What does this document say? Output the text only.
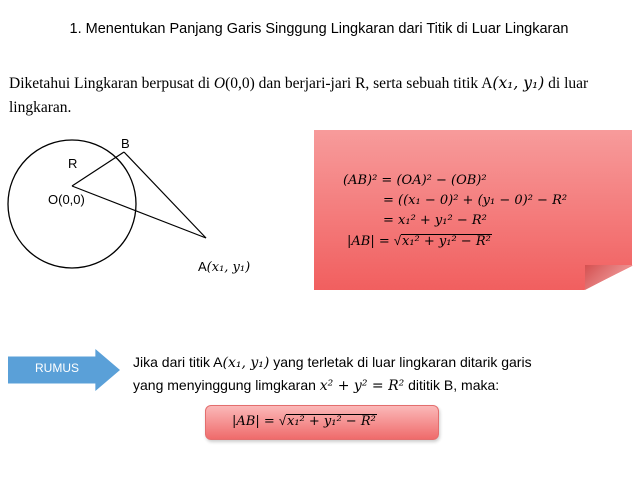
1. Menentukan Panjang Garis Singgung Lingkaran dari Titik di Luar Lingkaran
Diketahui Lingkaran berpusat di O(0,0) dan berjari-jari R, serta sebuah titik A(x₁, y₁) di luar lingkaran.
B
R
O(0,0)
A(x₁, y₁)
(AB)² = (OA)² − (OB)²
= ((x₁ − 0)² + (y₁ − 0)² − R²
= x₁² + y₁² − R²
|AB| = √x₁² + y₁² − R²
RUMUS	Jika dari titik A(x₁, y₁) yang terletak di luar lingkaran ditarik garis
yang menyinggung limgkaran x² + y² = R² dititik B, maka:
|AB| = √x₁² + y₁² − R²
